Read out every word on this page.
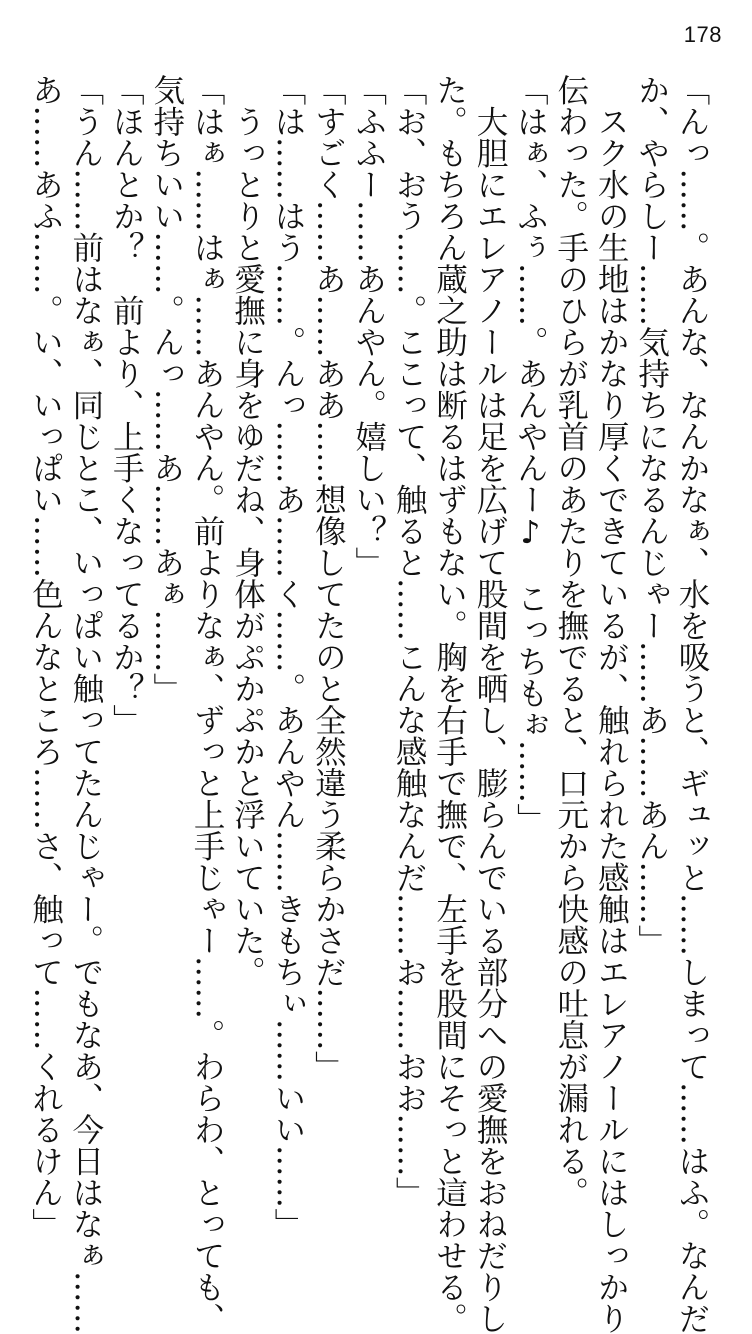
178

「んっ……。あんな、なんかなぁ、水を吸うと、ギュッと……しまって……はふ。なんだ

か、やらしー……気持ちになるんじゃー……あ……あん……」

　スク水の生地はかなり厚くできているが、触れられた感触はエレアノールにはしっかり

伝わった。手のひらが乳首のあたりを撫でると、口元から快感の吐息が漏れる。

「はぁ、ふぅ……。あんやんー♪　こっちもぉ……」

　大胆にエレアノールは足を広げて股間を晒し、膨らんでいる部分への愛撫をおねだりし

た。もちろん蔵之助は断るはずもない。胸を右手で撫で、左手を股間にそっと這わせる。

「お、おう……。ここって、触ると……こんな感触なんだ……お……おお……」

「ふふー……あんやん。嬉しい？」

「すごく……あ……ああ……想像してたのと全然違う柔らかさだ……」

「は……はう……。んっ……あ……く……。あんやん……きもちぃ……いい……」

　うっとりと愛撫に身をゆだね、身体がぷかぷかと浮いていた。

「はぁ……はぁ……あんやん。前よりなぁ、ずっと上手じゃー……。わらわ、とっても、

気持ちいい……。んっ……あ……あぁ……」

「ほんとか？　前より、上手くなってるか？」

「うん……前はなぁ、同じとこ、いっぱい触ってたんじゃー。でもなあ、今日はなぁ……

あ……あふ……。い、いっぱい……色んなところ……さ、触って……くれるけん」
